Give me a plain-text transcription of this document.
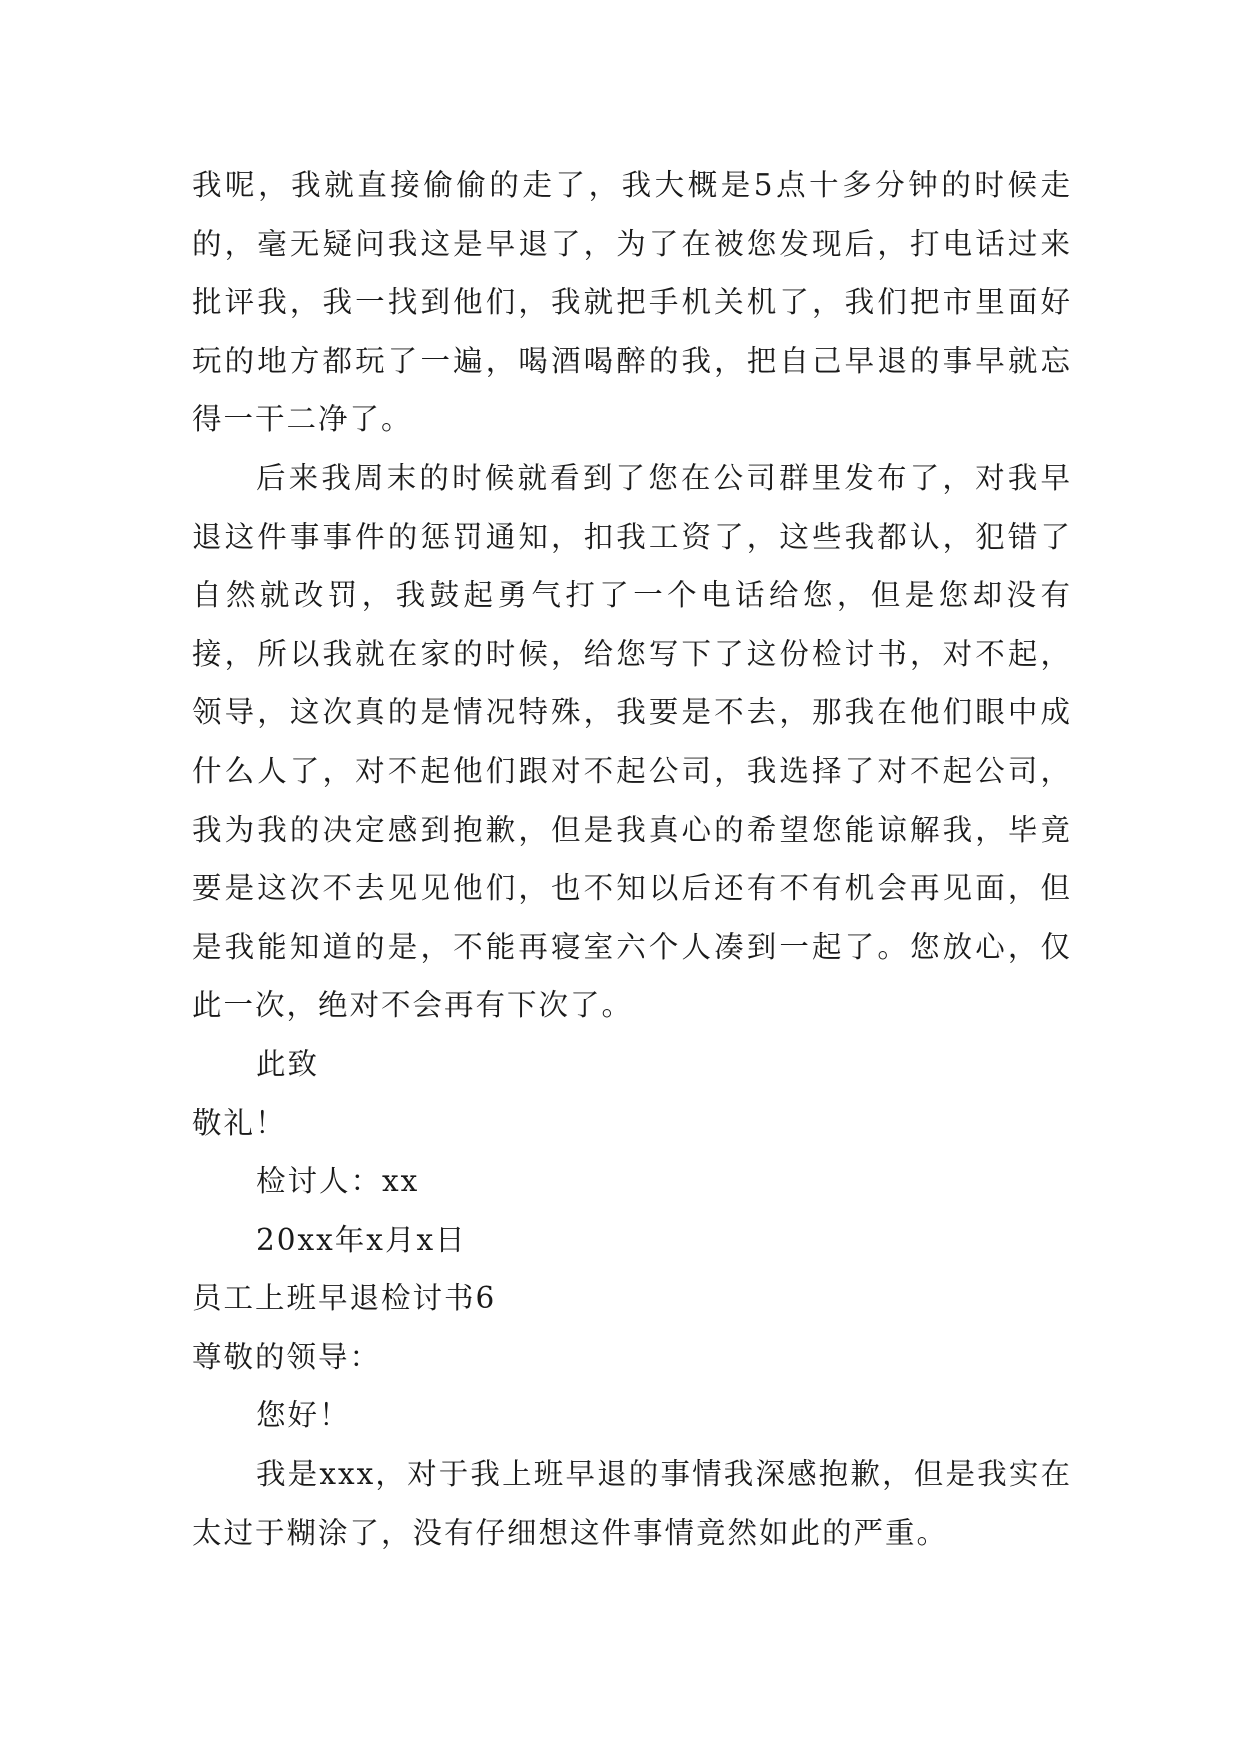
我呢，我就直接偷偷的走了，我大概是5点十多分钟的时候走的，毫无疑问我这是早退了，为了在被您发现后，打电话过来批评我，我一找到他们，我就把手机关机了，我们把市里面好玩的地方都玩了一遍，喝酒喝醉的我，把自己早退的事早就忘得一干二净了。

后来我周末的时候就看到了您在公司群里发布了，对我早退这件事事件的惩罚通知，扣我工资了，这些我都认，犯错了自然就改罚，我鼓起勇气打了一个电话给您，但是您却没有接，所以我就在家的时候，给您写下了这份检讨书，对不起，领导，这次真的是情况特殊，我要是不去，那我在他们眼中成什么人了，对不起他们跟对不起公司，我选择了对不起公司，我为我的决定感到抱歉，但是我真心的希望您能谅解我，毕竟要是这次不去见见他们，也不知以后还有不有机会再见面，但是我能知道的是，不能再寝室六个人凑到一起了。您放心，仅此一次，绝对不会再有下次了。

此致

敬礼！

检讨人：xx

20xx年x月x日

员工上班早退检讨书6

尊敬的领导：

您好！

我是xxx，对于我上班早退的事情我深感抱歉，但是我实在太过于糊涂了，没有仔细想这件事情竟然如此的严重。
